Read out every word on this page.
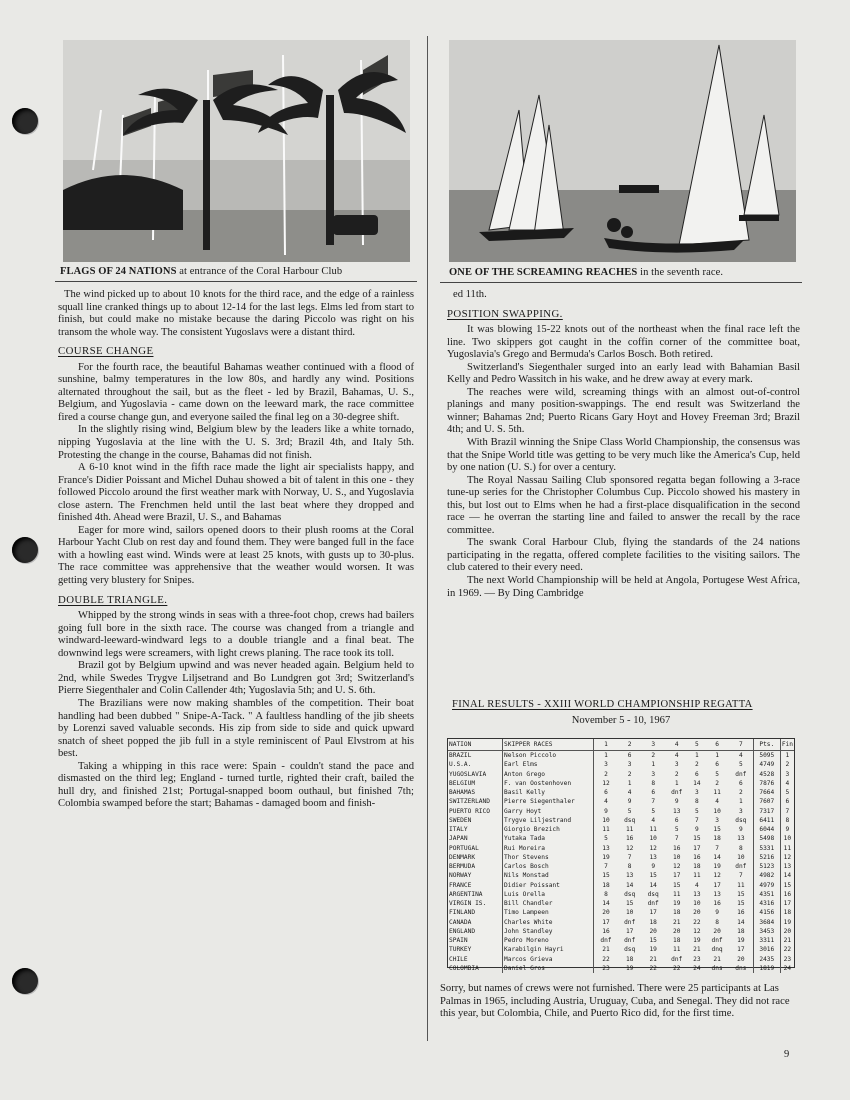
FLAGS OF 24 NATIONS at entrance of the Coral Harbour Club	ONE OF THE SCREAMING REACHES in the seventh race.

The wind picked up to about 10 knots for the third race, and the edge of a rainless squall line cranked things up to about 12-14 for the last legs. Elms led from start to finish, but could make no mistake because the daring Piccolo was right on his transom the whole way. The consistent Yugoslavs were a distant third.

COURSE CHANGE

For the fourth race, the beautiful Bahamas weather continued with a flood of sunshine, balmy temperatures in the low 80s, and hardly any wind. Positions alternated throughout the sail, but as the fleet - led by Brazil, Bahamas, U. S., Belgium, and Yugoslavia - came down on the leeward mark, the race committee fired a course change gun, and everyone sailed the final leg on a 30-degree shift.

In the slightly rising wind, Belgium blew by the leaders like a white tornado, nipping Yugoslavia at the line with the U. S. 3rd; Brazil 4th, and Italy 5th. Protesting the change in the course, Bahamas did not finish.

A 6-10 knot wind in the fifth race made the light air specialists happy, and France's Didier Poissant and Michel Duhau showed a bit of talent in this one - they followed Piccolo around the first weather mark with Norway, U. S., and Yugoslavia close astern. The Frenchmen held until the last beat where they dropped and finished 4th. Ahead were Brazil, U. S., and Bahamas

Eager for more wind, sailors opened doors to their plush rooms at the Coral Harbour Yacht Club on rest day and found them. They were banged full in the face with a howling east wind. Winds were at least 25 knots, with gusts up to 30-plus. The race committee was apprehensive that the weather would worsen. It was getting very blustery for Snipes.

DOUBLE TRIANGLE.

Whipped by the strong winds in seas with a three-foot chop, crews had bailers going full bore in the sixth race. The course was changed from a triangle and windward-leeward-windward legs to a double triangle and a final beat. The downwind legs were screamers, with light crews planing. The race took its toll.

Brazil got by Belgium upwind and was never headed again. Belgium held to 2nd, while Swedes Trygve Liljsetrand and Bo Lundgren got 3rd; Switzerland's Pierre Siegenthaler and Colin Callender 4th; Yugoslavia 5th; and U. S. 6th.

The Brazilians were now making shambles of the competition. Their boat handling had been dubbed " Snipe-A-Tack. " A faultless handling of the jib sheets by Lorenzi saved valuable seconds. His zip from side to side and quick upward snatch of sheet popped the jib full in a style reminiscent of Paul Elvstrom at his best.

Taking a whipping in this race were: Spain - couldn't stand the pace and dismasted on the third leg; England - turned turtle, righted their craft, bailed the hull dry, and finished 21st; Portugal-snapped boom outhaul, but finished 7th; Colombia swamped before the start; Bahamas - damaged boom and finish-

ed 11th.

POSITION SWAPPING.

It was blowing 15-22 knots out of the northeast when the final race left the line. Two skippers got caught in the coffin corner of the committee boat, Yugoslavia's Grego and Bermuda's Carlos Bosch. Both retired.

Switzerland's Siegenthaler surged into an early lead with Bahamian Basil Kelly and Pedro Wassitch in his wake, and he drew away at every mark.

The reaches were wild, screaming things with an almost out-of-control planings and many position-swappings. The end result was Switzerland the winner; Bahamas 2nd; Puerto Ricans Gary Hoyt and Hovey Freeman 3rd; Brazil 4th; and U. S. 5th.

With Brazil winning the Snipe Class World Championship, the consensus was that the Snipe World title was getting to be very much like the America's Cup, held by one nation (U. S.) for over a century.

The Royal Nassau Sailing Club sponsored regatta began following a 3-race tune-up series for the Christopher Columbus Cup. Piccolo showed his mastery in this, but lost out to Elms when he had a first-place disqualification in the second race — he overran the starting line and failed to answer the recall by the race committee.

The swank Coral Harbour Club, flying the standards of the 24 nations participating in the regatta, offered complete facilities to the visiting sailors. The club catered to their every need.

The next World Championship will be held at Angola, Portugese West Africa, in 1969. — By Ding Cambridge

FINAL RESULTS - XXIII WORLD CHAMPIONSHIP REGATTA
November 5 - 10, 1967
NATION	SKIPPER RACES	1	2	3	4	5	6	7	Pts.	Fin
BRAZIL	Nelson Piccolo	1	6	2	4	1	1	4	5095	1
U.S.A.	Earl Elms	3	3	1	3	2	6	5	4749	2
YUGOSLAVIA	Anton Grego	2	2	3	2	6	5	dnf	4528	3
BELGIUM	F. van Oostenhoven	12	1	8	1	14	2	6	7876	4
BAHAMAS	Basil Kelly	6	4	6	dnf	3	11	2	7664	5
SWITZERLAND	Pierre Siegenthaler	4	9	7	9	8	4	1	7607	6
PUERTO RICO	Garry Hoyt	9	5	5	13	5	10	3	7317	7
SWEDEN	Trygve Liljestrand	10	dsq	4	6	7	3	dsq	6411	8
ITALY	Giorgio Brezich	11	11	11	5	9	15	9	6044	9
JAPAN	Yutaka Tada	5	16	10	7	15	18	13	5498	10
PORTUGAL	Rui Moreira	13	12	12	16	17	7	8	5331	11
DENMARK	Thor Stevens	19	7	13	10	16	14	10	5216	12
BERMUDA	Carlos Bosch	7	8	9	12	18	19	dnf	5123	13
NORWAY	Nils Monstad	15	13	15	17	11	12	7	4982	14
FRANCE	Didier Poissant	18	14	14	15	4	17	11	4979	15
ARGENTINA	Luis Orella	8	dsq	dsq	11	13	13	15	4351	16
VIRGIN IS.	Bill Chandler	14	15	dnf	19	10	16	15	4316	17
FINLAND	Timo Lampeen	20	10	17	18	20	9	16	4156	18
CANADA	Charles White	17	dnf	18	21	22	8	14	3684	19
ENGLAND	John Standley	16	17	20	20	12	20	18	3453	20
SPAIN	Pedro Moreno	dnf	dnf	15	18	19	dnf	19	3311	21
TURKEY	Karabilgin Hayri	21	dsq	19	11	21	dnq	17	3016	22
CHILE	Marcos Grieva	22	18	21	dnf	23	21	20	2435	23
COLOMBIA	Daniel Gros	23	19	22	22	24	dns	dns	1819	24
Sorry, but names of crews were not furnished. There were 25 participants at Las Palmas in 1965, including Austria, Uruguay, Cuba, and Senegal. They did not race this year, but Colombia, Chile, and Puerto Rico did, for the first time.
9
